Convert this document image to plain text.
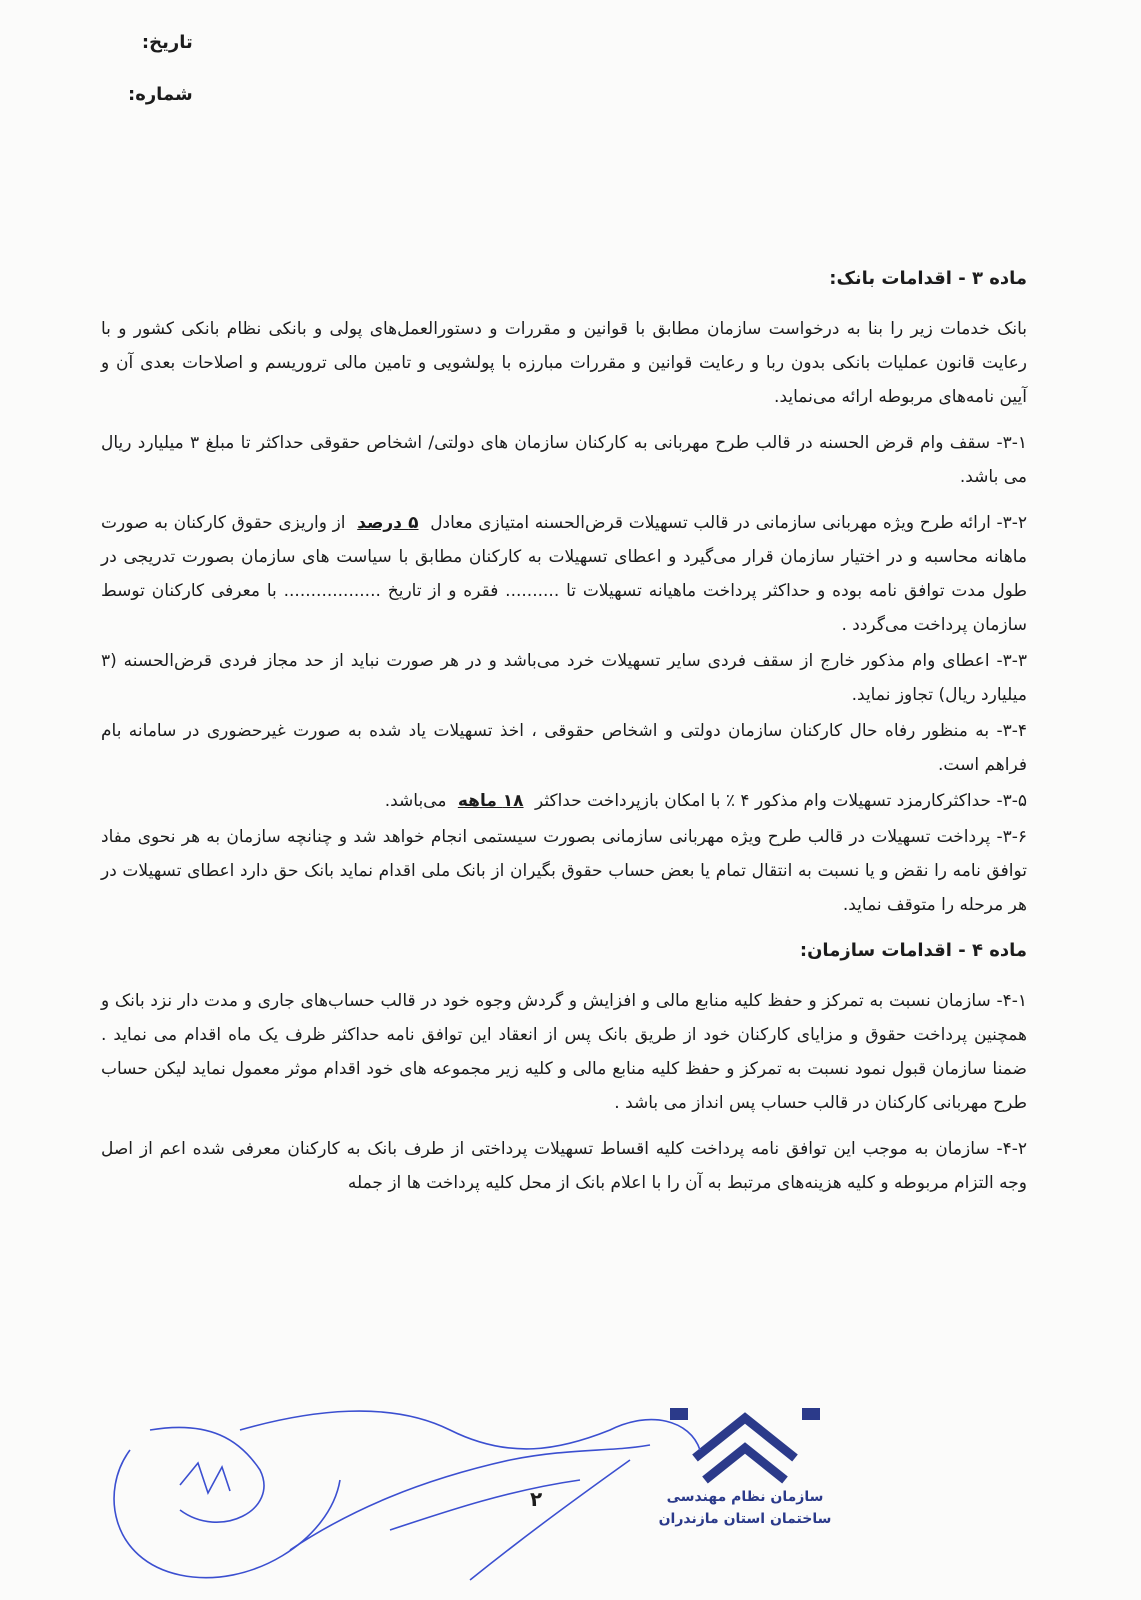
تاریخ:
شماره:

ماده ۳ - اقدامات بانک:

بانک خدمات زیر را بنا به درخواست سازمان مطابق با قوانین و مقررات و دستورالعمل‌های پولی و بانکی نظام بانکی کشور و با رعایت قانون عملیات بانکی بدون ربا و رعایت قوانین و مقررات مبارزه با پولشویی و تامین مالی تروریسم و اصلاحات بعدی آن و آیین نامه‌های مربوطه ارائه می‌نماید.

۳-۱- سقف وام قرض الحسنه در قالب طرح مهربانی به کارکنان سازمان های دولتی/ اشخاص حقوقی حداکثر تا مبلغ ۳ میلیارد ریال می باشد.

۳-۲- ارائه طرح ویژه مهربانی سازمانی در قالب تسهیلات قرض‌الحسنه امتیازی معادل ۵ درصد از واریزی حقوق کارکنان به صورت ماهانه محاسبه و در اختیار سازمان قرار می‌گیرد و اعطای تسهیلات به کارکنان مطابق با سیاست های سازمان بصورت تدریجی در طول مدت توافق نامه بوده و حداکثر پرداخت ماهیانه تسهیلات تا .......... فقره و از تاریخ .................. با معرفی کارکنان توسط سازمان پرداخت می‌گردد .

۳-۳- اعطای وام مذکور خارج از سقف فردی سایر تسهیلات خرد می‌باشد و در هر صورت نباید از حد مجاز فردی قرض‌الحسنه (۳ میلیارد ریال) تجاوز نماید.

۳-۴- به منظور رفاه حال کارکنان سازمان دولتی و اشخاص حقوقی ، اخذ تسهیلات یاد شده به صورت غیرحضوری در سامانه بام فراهم است.

۳-۵- حداکثرکارمزد تسهیلات وام مذکور ۴ ٪ با امکان بازپرداخت حداکثر ۱۸ ماهه می‌باشد.

۳-۶- پرداخت تسهیلات در قالب طرح ویژه مهربانی سازمانی بصورت سیستمی انجام خواهد شد و چنانچه سازمان به هر نحوی مفاد توافق نامه را نقض و یا نسبت به انتقال تمام یا بعض حساب حقوق بگیران از بانک ملی اقدام نماید بانک حق دارد اعطای تسهیلات در هر مرحله را متوقف نماید.

ماده ۴ - اقدامات سازمان:

۴-۱- سازمان نسبت به تمرکز و حفظ کلیه منابع مالی و افزایش و گردش وجوه خود در قالب حساب‌های جاری و مدت دار نزد بانک و همچنین پرداخت حقوق و مزایای کارکنان خود از طریق بانک پس از انعقاد این توافق نامه حداکثر ظرف یک ماه اقدام می نماید . ضمنا سازمان قبول نمود نسبت به تمرکز و حفظ کلیه منابع مالی و کلیه زیر مجموعه های خود اقدام موثر معمول نماید لیکن حساب طرح مهربانی کارکنان در قالب حساب پس انداز می باشد .

۴-۲- سازمان به موجب این توافق نامه پرداخت کلیه اقساط تسهیلات پرداختی از طرف بانک به کارکنان معرفی شده اعم از اصل وجه التزام مربوطه و کلیه هزینه‌های مرتبط به آن را با اعلام بانک از محل کلیه پرداخت ها از جمله

سازمان نظام مهندسی
ساختمان استان مازندران
۲
